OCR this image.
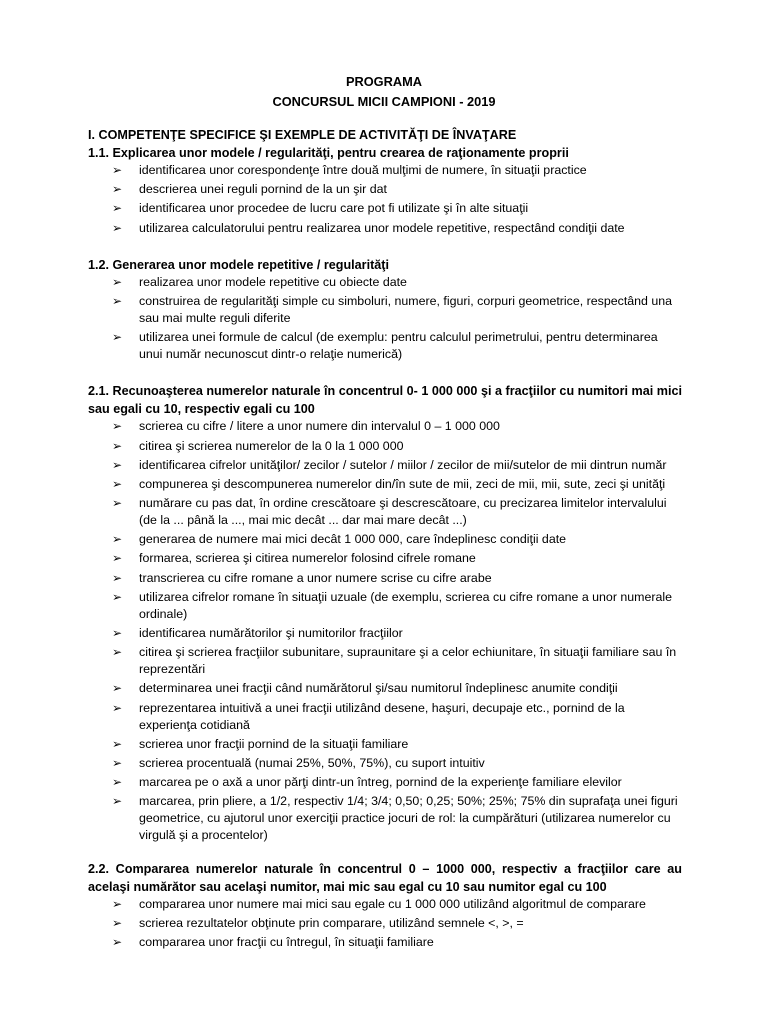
PROGRAMA
CONCURSUL MICII CAMPIONI - 2019

I. COMPETENŢE SPECIFICE ŞI EXEMPLE DE ACTIVITĂŢI DE ÎNVAŢARE

1.1. Explicarea unor modele / regularităţi, pentru crearea de raţionamente proprii

➢	identificarea unor corespondenţe între două mulţimi de numere, în situaţii practice
➢	descrierea unei reguli pornind de la un şir dat
➢	identificarea unor procedee de lucru care pot fi utilizate şi în alte situaţii
➢	utilizarea calculatorului pentru realizarea unor modele repetitive, respectând condiţii date

1.2. Generarea unor modele repetitive / regularităţi

➢	realizarea unor modele repetitive cu obiecte date
➢	construirea de regularităţi simple cu simboluri, numere, figuri, corpuri geometrice, respectând una sau mai multe reguli diferite
➢	utilizarea unei formule de calcul (de exemplu: pentru calculul perimetrului, pentru determinarea unui număr necunoscut dintr-o relaţie numerică)

2.1. Recunoaşterea numerelor naturale în concentrul 0- 1 000 000 şi a fracţiilor cu numitori mai mici sau egali cu 10, respectiv egali cu 100

➢	scrierea cu cifre / litere a unor numere din intervalul 0 – 1 000 000
➢	citirea şi scrierea numerelor de la 0 la 1 000 000
➢	identificarea cifrelor unităţilor/ zecilor / sutelor / miilor / zecilor de mii/sutelor de mii dintrun număr
➢	compunerea şi descompunerea numerelor din/în sute de mii, zeci de mii, mii, sute, zeci şi unităţi
➢	numărare cu pas dat, în ordine crescătoare şi descrescătoare, cu precizarea limitelor intervalului (de la ... până la ..., mai mic decât ... dar mai mare decât ...)
➢	generarea de numere mai mici decât 1 000 000, care îndeplinesc condiţii date
➢	formarea, scrierea şi citirea numerelor folosind cifrele romane
➢	transcrierea cu cifre romane a unor numere scrise cu cifre arabe
➢	utilizarea cifrelor romane în situaţii uzuale (de exemplu, scrierea cu cifre romane a unor numerale ordinale)
➢	identificarea numărătorilor şi numitorilor fracţiilor
➢	citirea şi scrierea fracţiilor subunitare, supraunitare şi a celor echiunitare, în situaţii familiare sau în reprezentări
➢	determinarea unei fracţii când numărătorul şi/sau numitorul îndeplinesc anumite condiţii
➢	reprezentarea intuitivă a unei fracţii utilizând desene, haşuri, decupaje etc., pornind de la experienţa cotidiană
➢	scrierea unor fracţii pornind de la situaţii familiare
➢	scrierea procentuală (numai 25%, 50%, 75%), cu suport intuitiv
➢	marcarea pe o axă a unor părţi dintr-un întreg, pornind de la experienţe familiare elevilor
➢	marcarea, prin pliere, a 1/2, respectiv 1/4; 3/4; 0,50; 0,25; 50%; 25%; 75% din suprafaţa unei figuri geometrice, cu ajutorul unor exerciţii practice jocuri de rol: la cumpărături (utilizarea numerelor cu virgulă şi a procentelor)

2.2. Compararea numerelor naturale în concentrul 0 – 1000 000, respectiv a fracţiilor care au acelaşi numărător sau acelaşi numitor, mai mic sau egal cu 10 sau numitor egal cu 100

➢	compararea unor numere mai mici sau egale cu 1 000 000 utilizând algoritmul de comparare
➢	scrierea rezultatelor obţinute prin comparare, utilizând semnele <, >, =
➢	compararea unor fracţii cu întregul, în situaţii familiare
